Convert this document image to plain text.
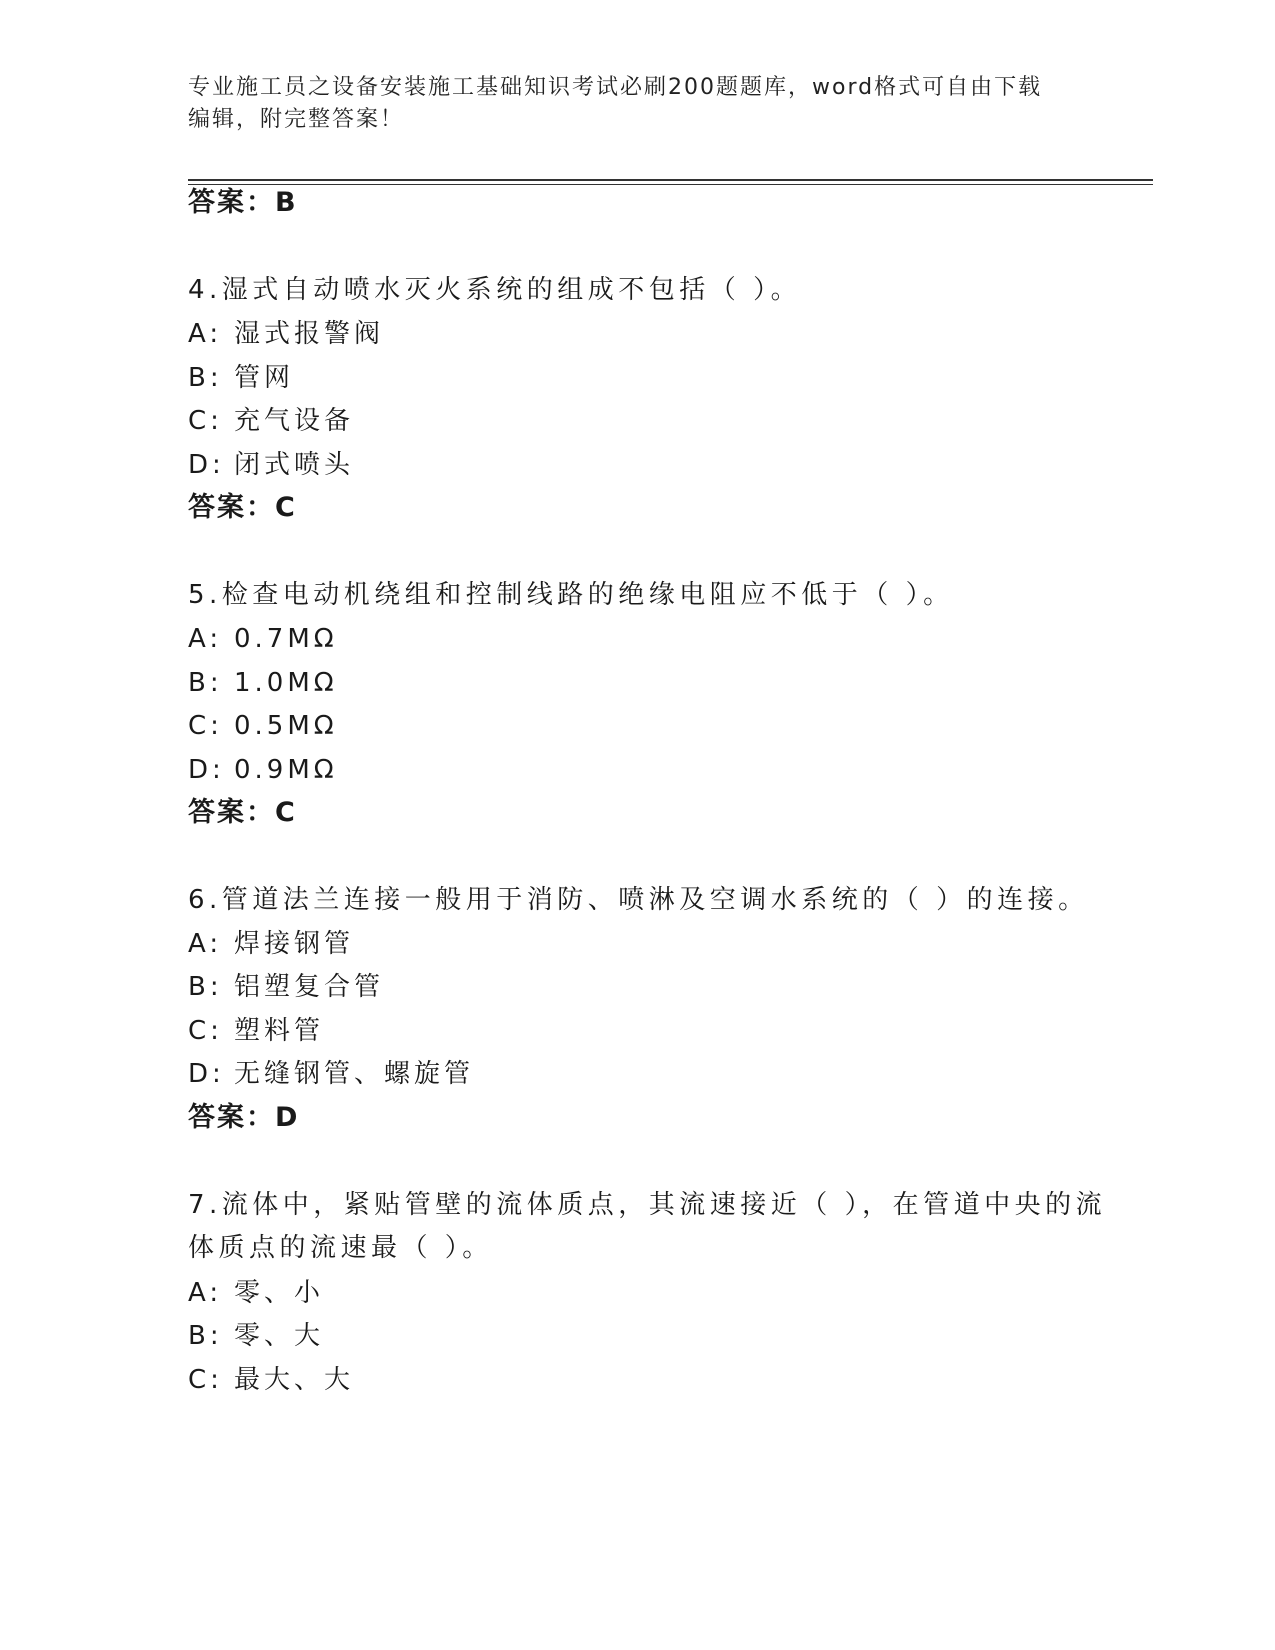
专业施工员之设备安装施工基础知识考试必刷200题题库，word格式可自由下载
编辑，附完整答案！
答案：B
4.湿式自动喷水灭火系统的组成不包括（ ）。
A: 湿式报警阀
B: 管网
C: 充气设备
D: 闭式喷头
答案：C
5.检查电动机绕组和控制线路的绝缘电阻应不低于（ ）。
A: 0.7MΩ
B: 1.0MΩ
C: 0.5MΩ
D: 0.9MΩ
答案：C
6.管道法兰连接一般用于消防、喷淋及空调水系统的（ ）的连接。
A: 焊接钢管
B: 铝塑复合管
C: 塑料管
D: 无缝钢管、螺旋管
答案：D
7.流体中，紧贴管壁的流体质点，其流速接近（ ），在管道中央的流
体质点的流速最（ ）。
A: 零、小
B: 零、大
C: 最大、大
